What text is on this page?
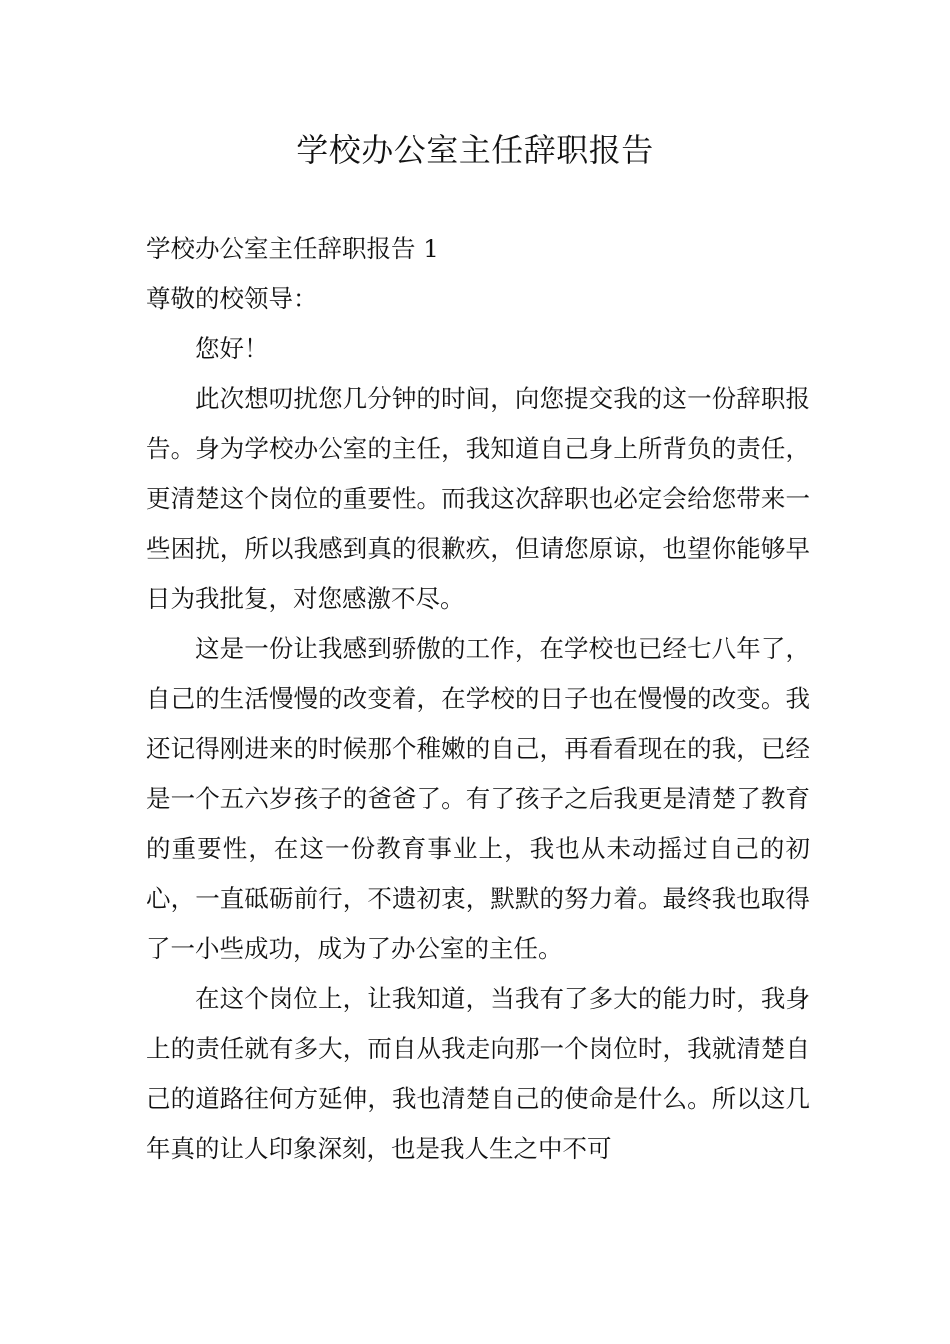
学校办公室主任辞职报告

学校办公室主任辞职报告 1

尊敬的校领导：

您好！

此次想叨扰您几分钟的时间，向您提交我的这一份辞职报告。身为学校办公室的主任，我知道自己身上所背负的责任，更清楚这个岗位的重要性。而我这次辞职也必定会给您带来一些困扰，所以我感到真的很歉疚，但请您原谅，也望你能够早日为我批复，对您感激不尽。

这是一份让我感到骄傲的工作，在学校也已经七八年了，自己的生活慢慢的改变着，在学校的日子也在慢慢的改变。我还记得刚进来的时候那个稚嫩的自己，再看看现在的我，已经是一个五六岁孩子的爸爸了。有了孩子之后我更是清楚了教育的重要性，在这一份教育事业上，我也从未动摇过自己的初心，一直砥砺前行，不遗初衷，默默的努力着。最终我也取得了一小些成功，成为了办公室的主任。

在这个岗位上，让我知道，当我有了多大的能力时，我身上的责任就有多大，而自从我走向那一个岗位时，我就清楚自己的道路往何方延伸，我也清楚自己的使命是什么。所以这几年真的让人印象深刻，也是我人生之中不可
